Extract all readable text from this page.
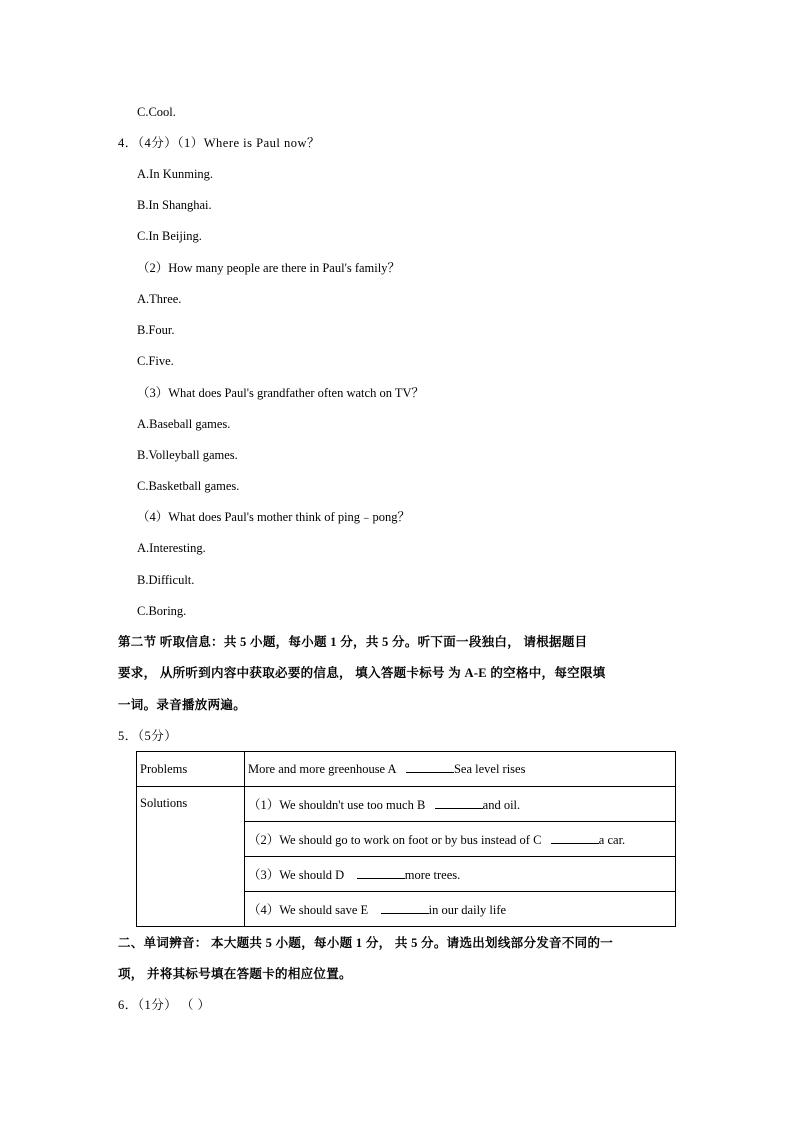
C.Cool.
4．（4分）（1）Where is Paul now？
A.In Kunming.
B.In Shanghai.
C.In Beijing.
（2）How many people are there in Paul's family？
A.Three.
B.Four.
C.Five.
（3）What does Paul's grandfather often watch on TV？
A.Baseball games.
B.Volleyball games.
C.Basketball games.
（4）What does Paul's mother think of ping﹣pong？
A.Interesting.
B.Difficult.
C.Boring.
第二节 听取信息：共 5 小题，每小题 1 分，共 5 分。听下面一段独白， 请根据题目
要求， 从所听到内容中获取必要的信息， 填入答题卡标号 为 A-E 的空格中，每空限填
一词。录音播放两遍。
5．（5分）
Problems	More and more greenhouse A Sea level rises
Solutions	（1）We shouldn't use too much B and oil.
	（2）We should go to work on foot or by bus instead of C a car.
	（3）We should D more trees.
	（4）We should save E in our daily life
二、单词辨音： 本大题共 5 小题，每小题 1 分， 共 5 分。请选出划线部分发音不同的一
项， 并将其标号填在答题卡的相应位置。
6．（1分） （ ）
